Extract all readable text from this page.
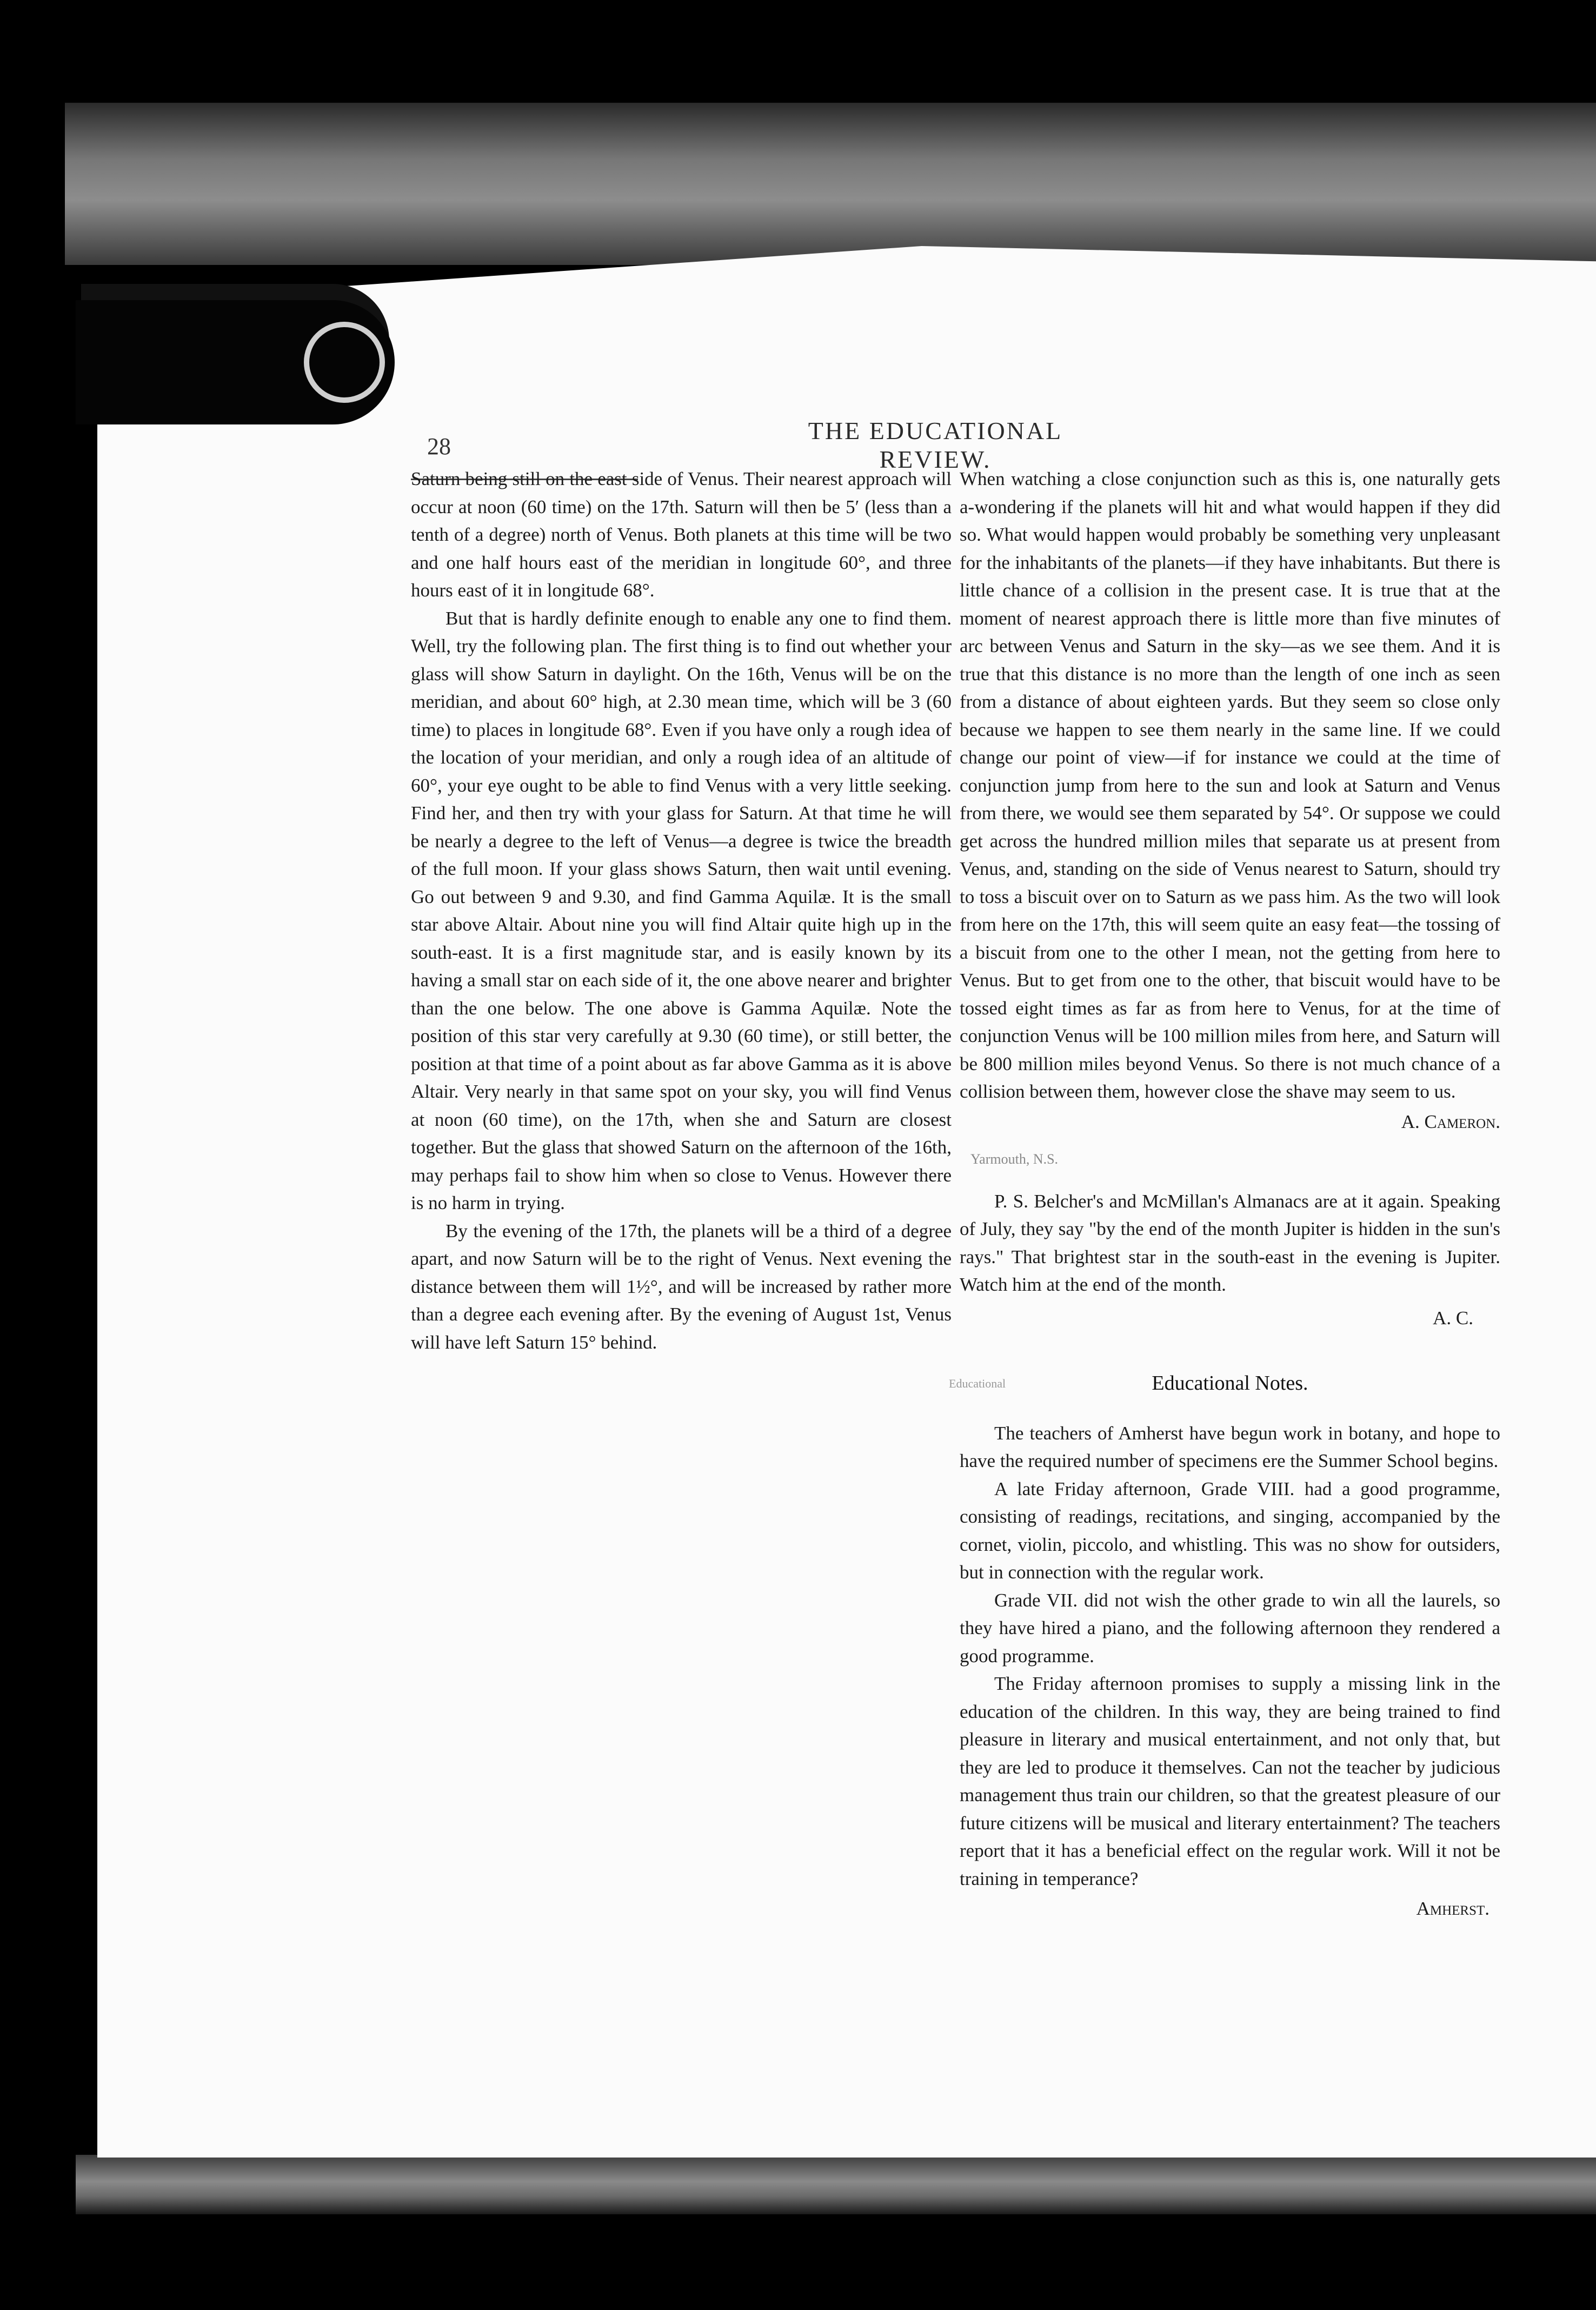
28
THE EDUCATIONAL REVIEW.

Saturn being still on the east side of Venus. Their nearest approach will occur at noon (60 time) on the 17th. Saturn will then be 5′ (less than a tenth of a degree) north of Venus. Both planets at this time will be two and one half hours east of the meridian in longitude 60°, and three hours east of it in longitude 68°.

But that is hardly definite enough to enable any one to find them. Well, try the following plan. The first thing is to find out whether your glass will show Saturn in daylight. On the 16th, Venus will be on the meridian, and about 60° high, at 2.30 mean time, which will be 3 (60 time) to places in longitude 68°. Even if you have only a rough idea of the location of your meridian, and only a rough idea of an altitude of 60°, your eye ought to be able to find Venus with a very little seeking. Find her, and then try with your glass for Saturn. At that time he will be nearly a degree to the left of Venus—a degree is twice the breadth of the full moon. If your glass shows Saturn, then wait until evening. Go out between 9 and 9.30, and find Gamma Aquilæ. It is the small star above Altair. About nine you will find Altair quite high up in the south-east. It is a first magnitude star, and is easily known by its having a small star on each side of it, the one above nearer and brighter than the one below. The one above is Gamma Aquilæ. Note the position of this star very carefully at 9.30 (60 time), or still better, the position at that time of a point about as far above Gamma as it is above Altair. Very nearly in that same spot on your sky, you will find Venus at noon (60 time), on the 17th, when she and Saturn are closest together. But the glass that showed Saturn on the afternoon of the 16th, may perhaps fail to show him when so close to Venus. However there is no harm in trying.

By the evening of the 17th, the planets will be a third of a degree apart, and now Saturn will be to the right of Venus. Next evening the distance between them will 1½°, and will be increased by rather more than a degree each evening after. By the evening of August 1st, Venus will have left Saturn 15° behind.

When watching a close conjunction such as this is, one naturally gets a-wondering if the planets will hit and what would happen if they did so. What would happen would probably be something very unpleasant for the inhabitants of the planets—if they have inhabitants. But there is little chance of a collision in the present case. It is true that at the moment of nearest approach there is little more than five minutes of arc between Venus and Saturn in the sky—as we see them. And it is true that this distance is no more than the length of one inch as seen from a distance of about eighteen yards. But they seem so close only because we happen to see them nearly in the same line. If we could change our point of view—if for instance we could at the time of conjunction jump from here to the sun and look at Saturn and Venus from there, we would see them separated by 54°. Or suppose we could get across the hundred million miles that separate us at present from Venus, and, standing on the side of Venus nearest to Saturn, should try to toss a biscuit over on to Saturn as we pass him. As the two will look from here on the 17th, this will seem quite an easy feat—the tossing of a biscuit from one to the other I mean, not the getting from here to Venus. But to get from one to the other, that biscuit would have to be tossed eight times as far as from here to Venus, for at the time of conjunction Venus will be 100 million miles from here, and Saturn will be 800 million miles beyond Venus. So there is not much chance of a collision between them, however close the shave may seem to us.

A. Cameron.
Yarmouth, N.S.

P. S. Belcher's and McMillan's Almanacs are at it again. Speaking of July, they say "by the end of the month Jupiter is hidden in the sun's rays." That brightest star in the south-east in the evening is Jupiter. Watch him at the end of the month.

A. C.
Educational	Educational Notes.

The teachers of Amherst have begun work in botany, and hope to have the required number of specimens ere the Summer School begins.

A late Friday afternoon, Grade VIII. had a good programme, consisting of readings, recitations, and singing, accompanied by the cornet, violin, piccolo, and whistling. This was no show for outsiders, but in connection with the regular work.

Grade VII. did not wish the other grade to win all the laurels, so they have hired a piano, and the following afternoon they rendered a good programme.

The Friday afternoon promises to supply a missing link in the education of the children. In this way, they are being trained to find pleasure in literary and musical entertainment, and not only that, but they are led to produce it themselves. Can not the teacher by judicious management thus train our children, so that the greatest pleasure of our future citizens will be musical and literary entertainment? The teachers report that it has a beneficial effect on the regular work. Will it not be training in temperance?

Amherst.
